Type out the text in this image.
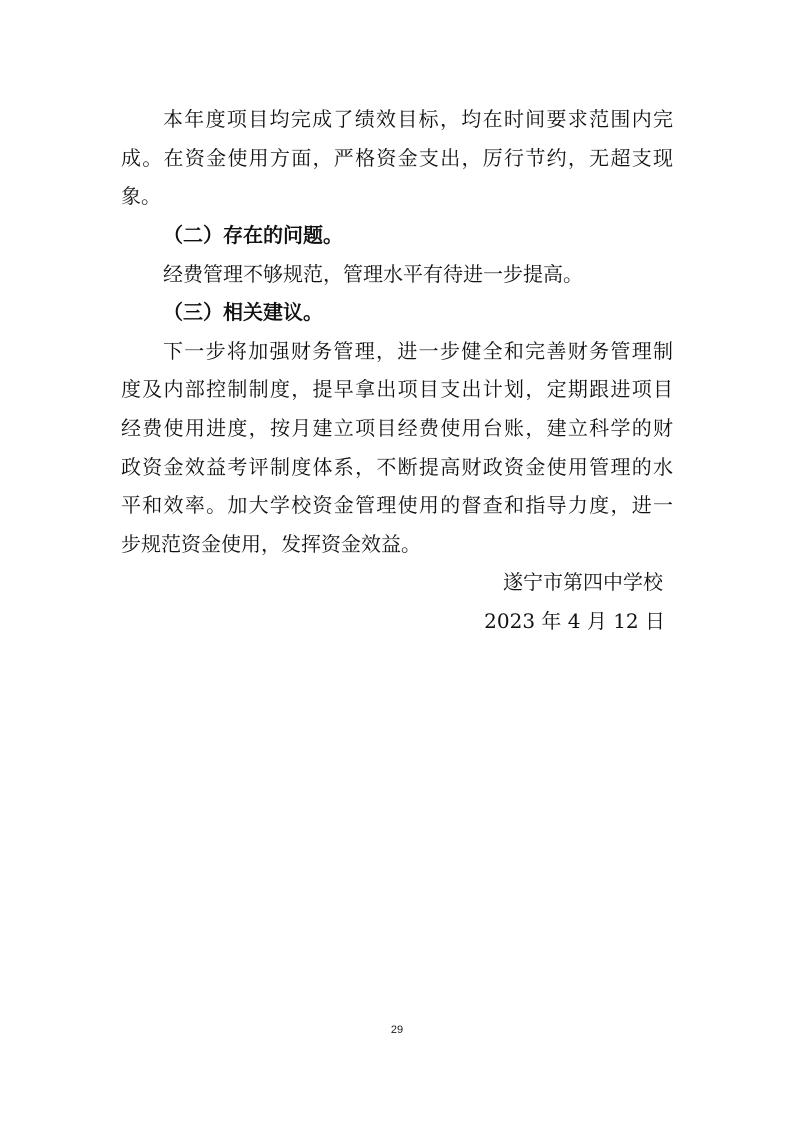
本年度项目均完成了绩效目标，均在时间要求范围内完
成。在资金使用方面，严格资金支出，厉行节约，无超支现
象。
（二）存在的问题。
经费管理不够规范，管理水平有待进一步提高。
（三）相关建议。
下一步将加强财务管理，进一步健全和完善财务管理制
度及内部控制制度，提早拿出项目支出计划，定期跟进项目
经费使用进度，按月建立项目经费使用台账，建立科学的财
政资金效益考评制度体系，不断提高财政资金使用管理的水
平和效率。加大学校资金管理使用的督查和指导力度，进一
步规范资金使用，发挥资金效益。
遂宁市第四中学校
2023 年 4 月 12 日
29
